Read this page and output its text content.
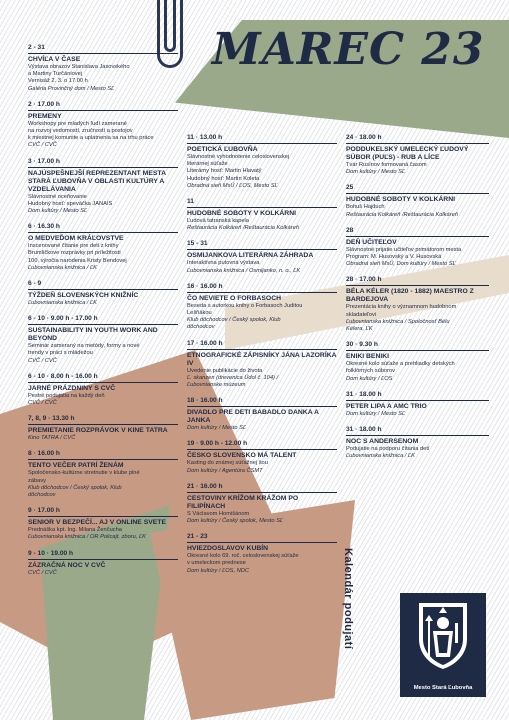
MAREC 23
2 - 31
CHVÍĽA V ČASE
Výstava obrazov Stanislava Jasovského
a Martiny Turčániovej
Vernisáž 2. 3. o 17.00 h
Galéria Provinčný dom / Mesto SĽ
2 · 17.00 h
PREMENY
Workshopy pre mladých ľudí zamerané
na rozvoj vedomostí, zručností a postojov
k miestnej komunite a uplatnenia sa na trhu práce
CVČ / CVČ
3 · 17.00 h
NAJÚSPEŠNEJŠÍ REPREZENTANT MESTA STARÁ ĽUBOVŇA V OBLASTI KULTÚRY A VZDELÁVANIA
Slávnostné oceňovanie
Hudobný hosť: speváčka JANAIS
Dom kultúry / Mesto SĽ
6 · 16.30 h
O MEDVEĎOM KRÁĽOVSTVE
Inscenované čítanie pre deti z knihy
Brumlíčkove rozprávky pri príležitosti
100. výročia narodenia Kristy Bendovej
Ľubovnianska knižnica / ĽK
6 - 9
TÝŽDEŇ SLOVENSKÝCH KNIŽNÍC
Ľubovnianska knižnica / ĽK
6 - 10 · 9.00 h - 17.00 h
SUSTAINABILITY IN YOUTH WORK AND BEYOND
Seminár zameraný na metódy, formy a nové
trendy v práci s mládežou
CVČ / CVČ
6 - 10 · 8.00 h - 16.00 h
JARNÉ PRÁZDNINY S CVČ
Pestré podujatia na každý deň
CVČ / CVČ
7, 8, 9 · 13.30 h
PREMIETANIE ROZPRÁVOK V KINE TATRA
Kino TATRA / CVČ
8 · 16.00 h
TENTO VEČER PATRÍ ŽENÁM
Spoločensko-kultúrne stretnutie v klube plné
zábavy
Klub dôchodcov / Český spolok, Klub
dôchodcov
9 · 17.00 h
SENIOR V BEZPEČÍ... AJ V ONLINE SVETE
Prednáška kpt. Ing. Milana Ženčucha
Ľubovnianska knižnica / OR Policajt. zboru, ĽK
9 - 10 · 19.00 h
ZÁZRAČNÁ NOC V CVČ
CVČ / CVČ
11 · 13.00 h
POETICKÁ ĽUBOVŇA
Slávnostné vyhodnotenie celoslovenskej
literárnej súťaže
Literárny hosť: Martin Hlavatý
Hudobný hosť: Martin Koleta
Obradná sieň MsÚ / ĽOS, Mesto SĽ
11
HUDOBNÉ SOBOTY V KOLKÁRNI
Ľudová tatranská kapela
Reštaurácia Kolkáreň /Reštaurácia Kolkáreň
15 - 31
OSMIJANKOVA LITERÁRNA ZÁHRADA
Interaktívna putovná výstava
Ľubovnianska knižnica / Osmijanko, n. o., ĽK
16 · 16.00 h
ČO NEVIETE O FORBASOCH
Beseda s autorkou knihy o Forbasoch Juditou
Lešňákou
Klub dôchodcov / Český spolok, Klub
dôchodcov
17 · 16.00 h
ETNOGRAFICKÉ ZÁPISNÍKY JÁNA LAZORÍKA IV
Uvedenie publikácie do života
Ľ. skanzen (drevenica Údol č. 104) /
Ľubovnianske múzeum
18 · 16.00 h
DIVADLO PRE DETI BABADLO DANKA A JANKA
Dom kultúry / Mesto SĽ
19 · 9.00 h - 12.00 h
ČESKO SLOVENSKO MÁ TALENT
Kasting do známej súťažnej šou
Dom kultúry / Agentúra ČSMT
21 · 16.00 h
CESTOVINY KRÍŽOM KRÁŽOM PO FILIPÍNACH
S Václavom Homišánom
Dom kultúry / Český spolok, Mesto SĽ
21 - 23
HVIEZDOSLAVOV KUBÍN
Okresné kolo 69. roč. celoslovenskej súťaže
v umeleckom prednese
Dom kultúry / ĽOS, NDC
24 · 18.00 h
PODDUKELSKÝ UMELECKÝ ĽUDOVÝ SÚBOR (PUĽS) - RUB A LÍCE
Tvár Rusínov formovaná časom
Dom kultúry / Mesto SĽ
25
HUDOBNÉ SOBOTY V KOLKÁRNI
Bohuš Hajduch
Reštaurácia Kolkáreň /Reštaurácia Kolkáreň
28
DEŇ UČITEĽOV
Slávnostné prijatie učiteľov primátorom mesta
Program: M. Husovský a V. Husovská
Obradná sieň MsÚ, Dom kultúry / Mesto SĽ
28 · 17.00 h
BÉLA KÉLER (1820 - 1882) MAESTRO Z BARDEJOVA
Prezentácia knihy o významnom hudobnom
skladateľovi
Ľubovnianska knižnica / Spoločnosť Bélu
Kélera, ĽK
30 · 9.30 h
ENIKI BENIKI
Okresné kolo súťaže a prehliadky detských
folklórnych súborov
Dom kultúry / ĽOS
31 · 18.00 h
PETER LIPA A AMC TRIO
Dom kultúry / Mesto SĽ
31 · 18.00 h
NOC S ANDERSENOM
Podujatie na podporu čítania detí
Ľubovnianska knižnica / ĽK
Kalendár podujatí
Mesto Stará Ľubovňa
